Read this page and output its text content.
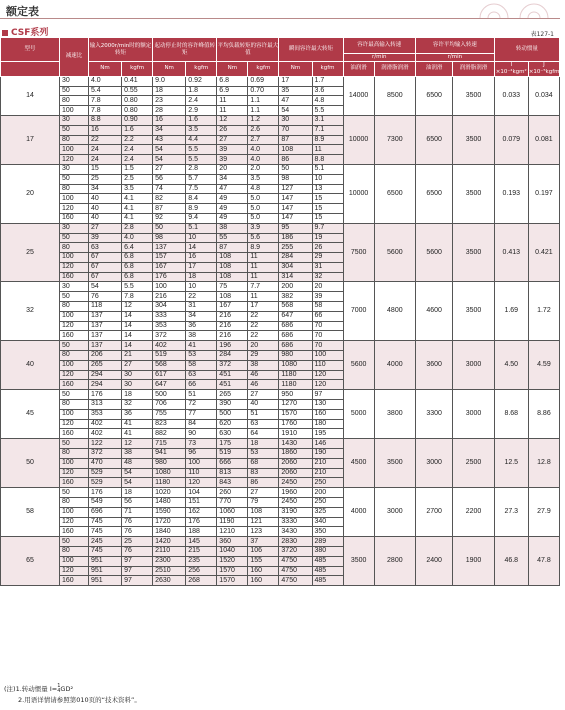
额定表
CSF系列	表127-1
型号	减速比	输入2000r/min时的额定转矩		起动停止时的容许峰值转矩		平均负载转矩的容许最大值		瞬间容许最大转矩		容许最高输入转速		容许平均输入转速		转动惯量	
										r/min		r/min			
		Nm	kgfm	Nm	kgfm	Nm	kgfm	Nm	kgfm	油润滑	润滑脂润滑	油润滑	润滑脂润滑	I ×10⁻⁴kgm²	J ×10⁻⁵kgfms²
14	30	4.0	0.41	9.0	0.92	6.8	0.69	17	1.7	14000	8500	6500	3500	0.033	0.034
	50	5.4	0.55	18	1.8	6.9	0.70	35	3.6						
	80	7.8	0.80	23	2.4	11	1.1	47	4.8						
	100	7.8	0.80	28	2.9	11	1.1	54	5.5						
17	30	8.8	0.90	16	1.6	12	1.2	30	3.1	10000	7300	6500	3500	0.079	0.081
	50	16	1.6	34	3.5	26	2.6	70	7.1						
	80	22	2.2	43	4.4	27	2.7	87	8.9						
	100	24	2.4	54	5.5	39	4.0	108	11						
	120	24	2.4	54	5.5	39	4.0	86	8.8						
20	30	15	1.5	27	2.8	20	2.0	50	5.1	10000	6500	6500	3500	0.193	0.197
	50	25	2.5	56	5.7	34	3.5	98	10						
	80	34	3.5	74	7.5	47	4.8	127	13						
	100	40	4.1	82	8.4	49	5.0	147	15						
	120	40	4.1	87	8.9	49	5.0	147	15						
	160	40	4.1	92	9.4	49	5.0	147	15						
25	30	27	2.8	50	5.1	38	3.9	95	9.7	7500	5600	5600	3500	0.413	0.421
	50	39	4.0	98	10	55	5.6	186	19						
	80	63	6.4	137	14	87	8.9	255	26						
	100	67	6.8	157	16	108	11	284	29						
	120	67	6.8	167	17	108	11	304	31						
	160	67	6.8	176	18	108	11	314	32						
32	30	54	5.5	100	10	75	7.7	200	20	7000	4800	4600	3500	1.69	1.72
	50	76	7.8	216	22	108	11	382	39						
	80	118	12	304	31	167	17	568	58						
	100	137	14	333	34	216	22	647	66						
	120	137	14	353	36	216	22	686	70						
	160	137	14	372	38	216	22	686	70						
40	50	137	14	402	41	196	20	686	70	5600	4000	3600	3000	4.50	4.59
	80	206	21	519	53	284	29	980	100						
	100	265	27	568	58	372	38	1080	110						
	120	294	30	617	63	451	46	1180	120						
	160	294	30	647	66	451	46	1180	120						
45	50	176	18	500	51	265	27	950	97	5000	3800	3300	3000	8.68	8.86
	80	313	32	706	72	390	40	1270	130						
	100	353	36	755	77	500	51	1570	160						
	120	402	41	823	84	620	63	1760	180						
	160	402	41	882	90	630	64	1910	195						
50	50	122	12	715	73	175	18	1430	146	4500	3500	3000	2500	12.5	12.8
	80	372	38	941	96	519	53	1860	190						
	100	470	48	980	100	666	68	2060	210						
	120	529	54	1080	110	813	83	2060	210						
	160	529	54	1180	120	843	86	2450	250						
58	50	176	18	1020	104	260	27	1960	200	4000	3000	2700	2200	27.3	27.9
	80	549	56	1480	151	770	79	2450	250						
	100	696	71	1590	162	1060	108	3190	325						
	120	745	76	1720	176	1190	121	3330	340						
	160	745	76	1840	188	1210	123	3430	350						
65	50	245	25	1420	145	360	37	2830	289	3500	2800	2400	1900	46.8	47.8
	80	745	76	2110	215	1040	106	3720	380						
	100	951	97	2300	235	1520	155	4750	485						
	120	951	97	2510	256	1570	160	4750	485						
	160	951	97	2630	268	1570	160	4750	485						
(注)1.转动惯量 I=1
4GD²
2.用语详情请参照第010页的“技术资料”。
